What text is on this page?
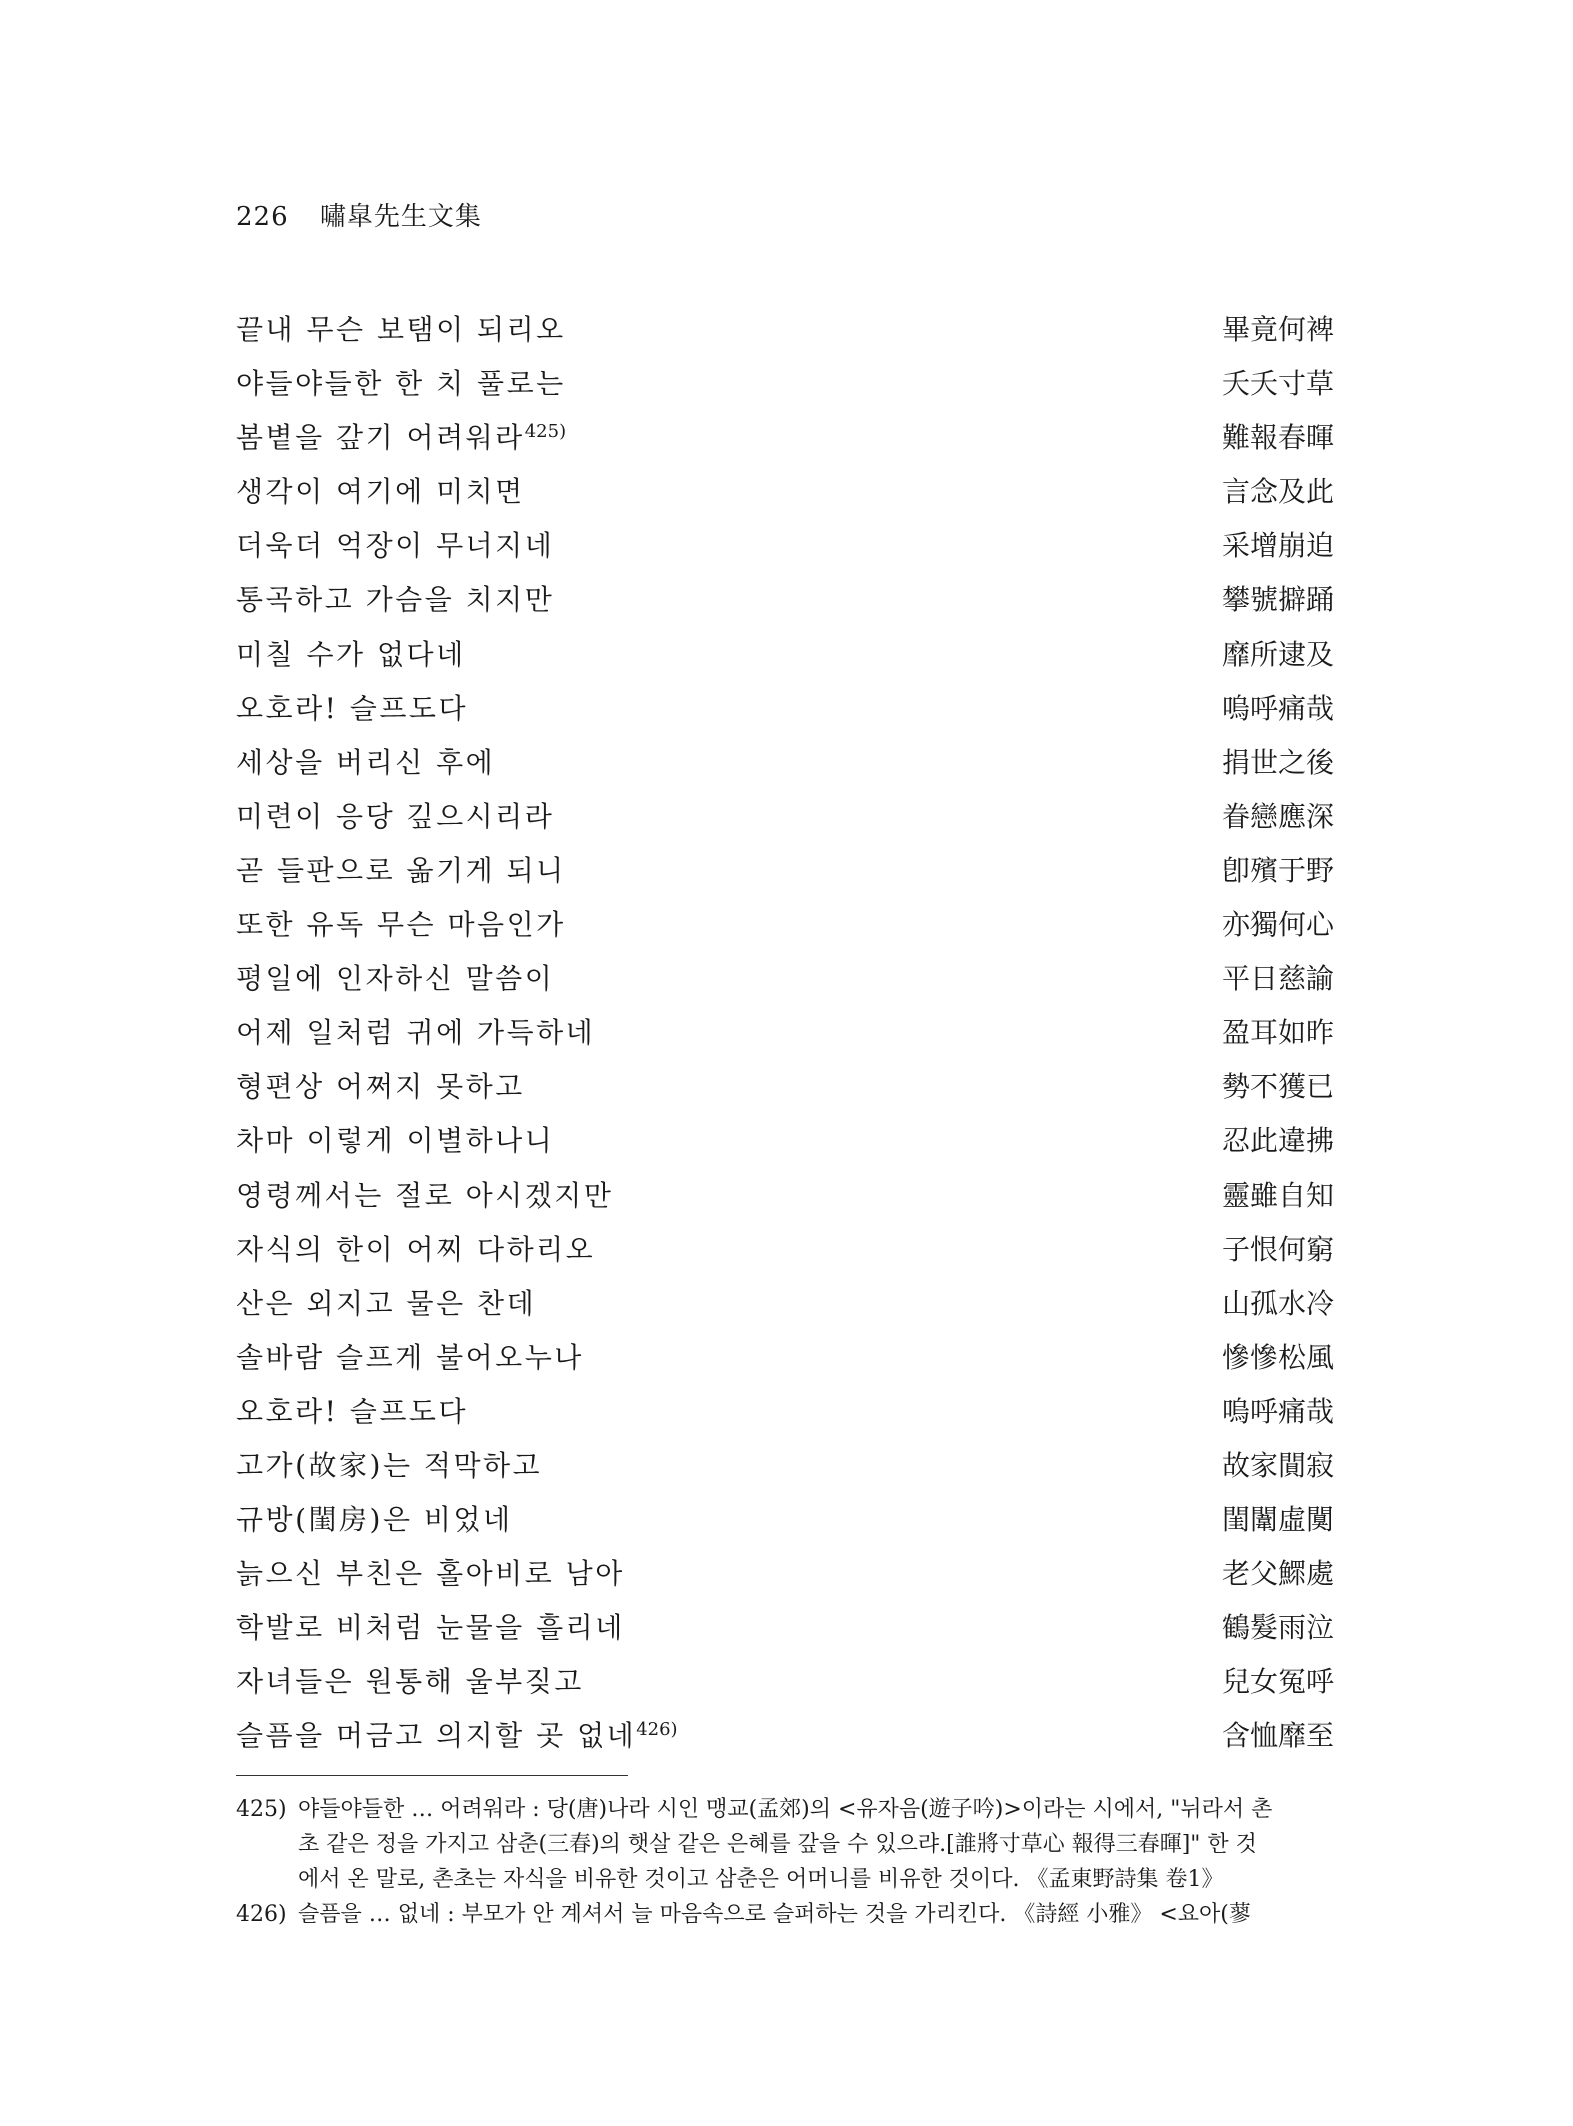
226 嘯皐先生文集
끝내 무슨 보탬이 되리오	畢竟何裨
야들야들한 한 치 풀로는	夭夭寸草
봄볕을 갚기 어려워라$^{425)}$	難報春暉
생각이 여기에 미치면	言念及此
더욱더 억장이 무너지네	采增崩迫
통곡하고 가슴을 치지만	攀號擗踊
미칠 수가 없다네	靡所逮及
오호라! 슬프도다	嗚呼痛哉
세상을 버리신 후에	捐世之後
미련이 응당 깊으시리라	眷戀應深
곧 들판으로 옮기게 되니	卽殯于野
또한 유독 무슨 마음인가	亦獨何心
평일에 인자하신 말씀이	平日慈諭
어제 일처럼 귀에 가득하네	盈耳如昨
형편상 어쩌지 못하고	勢不獲已
차마 이렇게 이별하나니	忍此違拂
영령께서는 절로 아시겠지만	靈雖自知
자식의 한이 어찌 다하리오	子恨何窮
산은 외지고 물은 찬데	山孤水冷
솔바람 슬프게 불어오누나	慘慘松風
오호라! 슬프도다	嗚呼痛哉
고가(故家)는 적막하고	故家閴寂
규방(閨房)은 비었네	閨闈虛闃
늙으신 부친은 홀아비로 남아	老父鰥處
학발로 비처럼 눈물을 흘리네	鶴髮雨泣
자녀들은 원통해 울부짖고	兒女冤呼
슬픔을 머금고 의지할 곳 없네$^{426)}$	含恤靡至
425) 야들야들한 … 어려워라 : 당(唐)나라 시인 맹교(孟郊)의 <유자음(遊子吟)>이라는 시에서, "뉘라서 촌
초 같은 정을 가지고 삼춘(三春)의 햇살 같은 은혜를 갚을 수 있으랴.[誰將寸草心 報得三春暉]" 한 것
에서 온 말로, 촌초는 자식을 비유한 것이고 삼춘은 어머니를 비유한 것이다. 《孟東野詩集 卷1》
426) 슬픔을 … 없네 : 부모가 안 계셔서 늘 마음속으로 슬퍼하는 것을 가리킨다. 《詩經 小雅》 <요아(蓼
